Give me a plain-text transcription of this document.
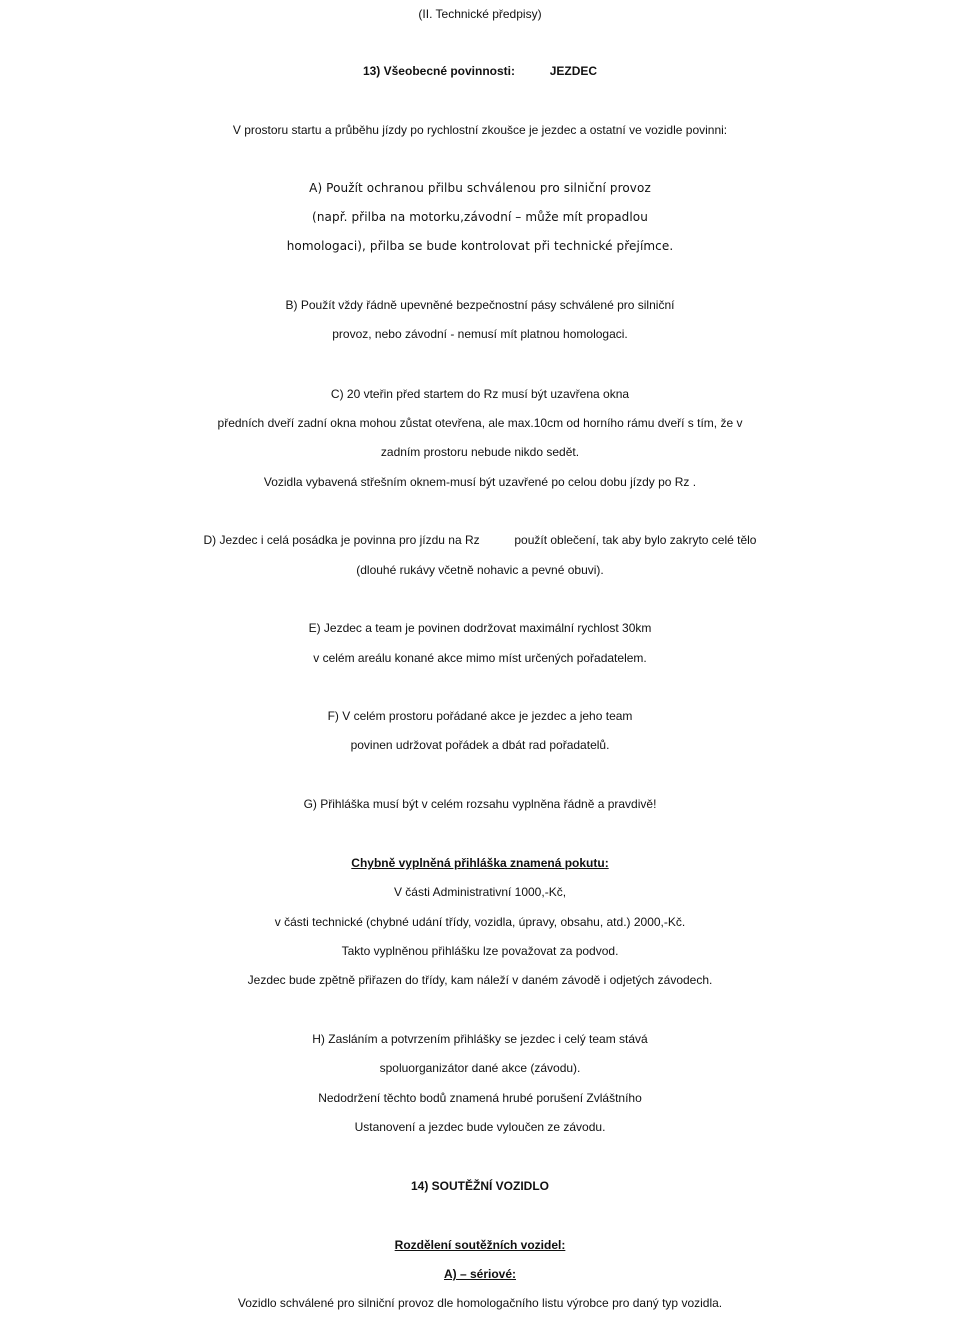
(II. Technické předpisy)
13) Všeobecné povinnosti:	JEZDEC
V prostoru startu a průběhu jízdy po rychlostní zkoušce je jezdec a ostatní ve vozidle povinni:
A) Použít ochranou přilbu schválenou pro silniční provoz
(např. přilba na motorku,závodní – může mít propadlou
homologaci), přilba se bude kontrolovat při technické přejímce.
B) Použít vždy řádně upevněné bezpečnostní pásy schválené pro silniční
provoz, nebo závodní - nemusí mít platnou homologaci.
C) 20 vteřin před startem do Rz musí být uzavřena okna
předních dveří zadní okna mohou zůstat otevřena, ale max.10cm od horního rámu dveří s tím, že v
zadním prostoru nebude nikdo sedět.
Vozidla vybavená střešním oknem-musí být uzavřené po celou dobu jízdy po Rz .
D) Jezdec i celá posádka je povinna pro jízdu na Rz	použít oblečení, tak aby bylo zakryto celé tělo
(dlouhé rukávy včetně nohavic a pevné obuvi).
E) Jezdec a team je povinen dodržovat maximální rychlost 30km
v celém areálu konané akce mimo míst určených pořadatelem.
F) V celém prostoru pořádané akce je jezdec a jeho team
povinen udržovat pořádek a dbát rad pořadatelů.
G) Přihláška musí být v celém rozsahu vyplněna řádně a pravdivě!
Chybně vyplněná přihláška znamená pokutu:
V části Administrativní 1000,-Kč,
v části technické (chybné udání třídy, vozidla, úpravy, obsahu, atd.) 2000,-Kč.
Takto vyplněnou přihlášku lze považovat za podvod.
Jezdec bude zpětně přiřazen do třídy, kam náleží v daném závodě i odjetých závodech.
H) Zasláním a potvrzením přihlášky se jezdec i celý team stává
spoluorganizátor dané akce (závodu).
Nedodržení těchto bodů znamená hrubé porušení Zvláštního
Ustanovení a jezdec bude vyloučen ze závodu.
14) SOUTĚŽNÍ VOZIDLO
Rozdělení soutěžních vozidel:
A) – sériové:
Vozidlo schválené pro silniční provoz dle homologačního listu výrobce pro daný typ vozidla.
